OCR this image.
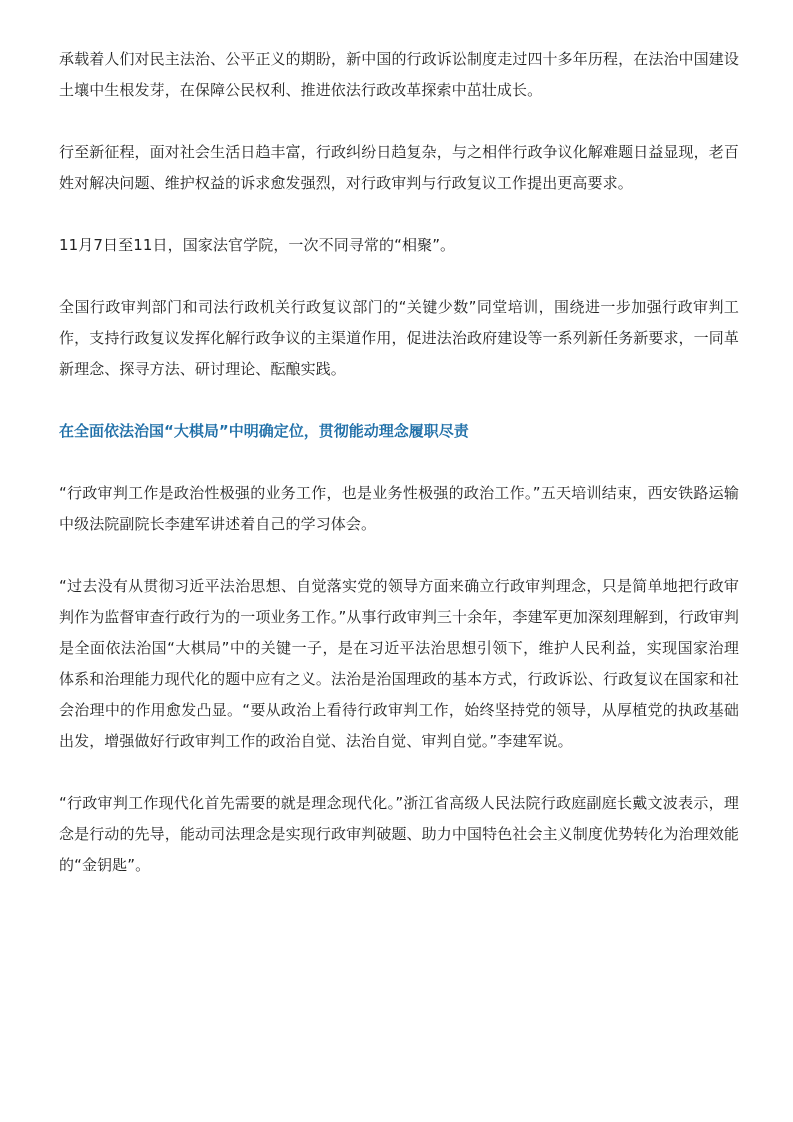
承载着人们对民主法治、公平正义的期盼，新中国的行政诉讼制度走过四十多年历程，在法治中国建设土壤中生根发芽，在保障公民权利、推进依法行政改革探索中茁壮成长。

行至新征程，面对社会生活日趋丰富，行政纠纷日趋复杂，与之相伴行政争议化解难题日益显现，老百姓对解决问题、维护权益的诉求愈发强烈，对行政审判与行政复议工作提出更高要求。

11月7日至11日，国家法官学院，一次不同寻常的“相聚”。

全国行政审判部门和司法行政机关行政复议部门的“关键少数”同堂培训，围绕进一步加强行政审判工作，支持行政复议发挥化解行政争议的主渠道作用，促进法治政府建设等一系列新任务新要求，一同革新理念、探寻方法、研讨理论、酝酿实践。

在全面依法治国“大棋局”中明确定位，贯彻能动理念履职尽责

“行政审判工作是政治性极强的业务工作，也是业务性极强的政治工作。”五天培训结束，西安铁路运输中级法院副院长李建军讲述着自己的学习体会。

“过去没有从贯彻习近平法治思想、自觉落实党的领导方面来确立行政审判理念，只是简单地把行政审判作为监督审查行政行为的一项业务工作。”从事行政审判三十余年，李建军更加深刻理解到，行政审判是全面依法治国“大棋局”中的关键一子，是在习近平法治思想引领下，维护人民利益，实现国家治理体系和治理能力现代化的题中应有之义。法治是治国理政的基本方式，行政诉讼、行政复议在国家和社会治理中的作用愈发凸显。“要从政治上看待行政审判工作，始终坚持党的领导，从厚植党的执政基础出发，增强做好行政审判工作的政治自觉、法治自觉、审判自觉。”李建军说。

“行政审判工作现代化首先需要的就是理念现代化。”浙江省高级人民法院行政庭副庭长戴文波表示，理念是行动的先导，能动司法理念是实现行政审判破题、助力中国特色社会主义制度优势转化为治理效能的“金钥匙”。
